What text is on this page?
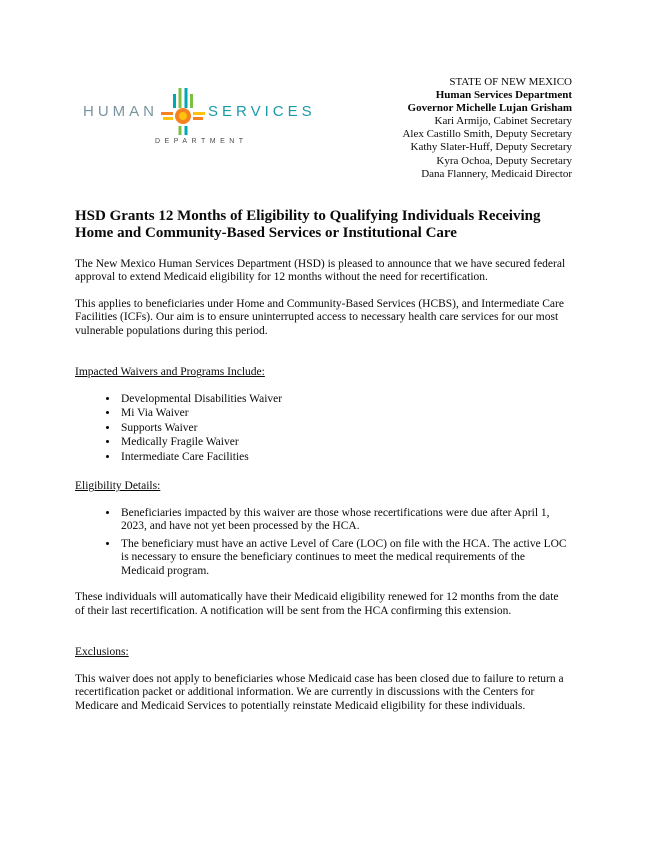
HUMAN	SERVICES
DEPARTMENT
STATE OF NEW MEXICO
Human Services Department
Governor Michelle Lujan Grisham
Kari Armijo, Cabinet Secretary
Alex Castillo Smith, Deputy Secretary
Kathy Slater-Huff, Deputy Secretary
Kyra Ochoa, Deputy Secretary
Dana Flannery, Medicaid Director
HSD Grants 12 Months of Eligibility to Qualifying Individuals Receiving Home and Community-Based Services or Institutional Care

The New Mexico Human Services Department (HSD) is pleased to announce that we have secured federal approval to extend Medicaid eligibility for 12 months without the need for recertification.

This applies to beneficiaries under Home and Community-Based Services (HCBS), and Intermediate Care Facilities (ICFs). Our aim is to ensure uninterrupted access to necessary health care services for our most vulnerable populations during this period.

Impacted Waivers and Programs Include:
• Developmental Disabilities Waiver
• Mi Via Waiver
• Supports Waiver
• Medically Fragile Waiver
• Intermediate Care Facilities
Eligibility Details:
• Beneficiaries impacted by this waiver are those whose recertifications were due after April 1, 2023, and have not yet been processed by the HCA.
• The beneficiary must have an active Level of Care (LOC) on file with the HCA. The active LOC is necessary to ensure the beneficiary continues to meet the medical requirements of the Medicaid program.

These individuals will automatically have their Medicaid eligibility renewed for 12 months from the date of their last recertification. A notification will be sent from the HCA confirming this extension.

Exclusions:

This waiver does not apply to beneficiaries whose Medicaid case has been closed due to failure to return a recertification packet or additional information. We are currently in discussions with the Centers for Medicare and Medicaid Services to potentially reinstate Medicaid eligibility for these individuals.
